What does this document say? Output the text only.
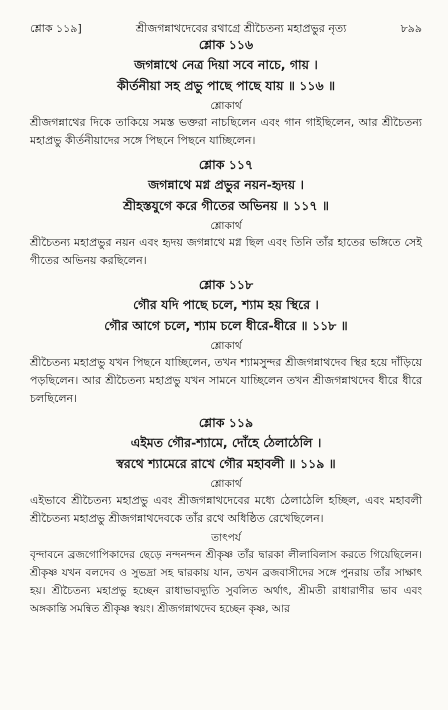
শ্লোক ১১৯]	শ্রীজগন্নাথদেবের রথাগ্রে শ্রীচৈতন্য মহাপ্রভুর নৃত্য	৮৯৯
শ্লোক ১১৬
জগন্নাথে নেত্র দিয়া সবে নাচে, গায় ।
কীর্তনীয়া সহ প্রভু পাছে পাছে যায় ॥ ১১৬ ॥
শ্লোকার্থ
শ্রীজগন্নাথের দিকে তাকিয়ে সমস্ত ভক্তরা নাচছিলেন এবং গান গাইছিলেন, আর শ্রীচৈতন্য মহাপ্রভু কীর্তনীয়াদের সঙ্গে পিছনে পিছনে যাচ্ছিলেন।
শ্লোক ১১৭
জগন্নাথে মগ্ন প্রভুর নয়ন-হৃদয় ।
শ্রীহস্তযুগে করে গীতের অভিনয় ॥ ১১৭ ॥
শ্লোকার্থ
শ্রীচৈতন্য মহাপ্রভুর নয়ন এবং হৃদয় জগন্নাথে মগ্ন ছিল এবং তিনি তাঁর হাতের ভঙ্গিতে সেই গীতের অভিনয় করছিলেন।
শ্লোক ১১৮
গৌর যদি পাছে চলে, শ্যাম হয় স্থিরে ।
গৌর আগে চলে, শ্যাম চলে ধীরে-ধীরে ॥ ১১৮ ॥
শ্লোকার্থ
শ্রীচৈতন্য মহাপ্রভু যখন পিছনে যাচ্ছিলেন, তখন শ্যামসুন্দর শ্রীজগন্নাথদেব স্থির হয়ে দাঁড়িয়ে পড়ছিলেন। আর শ্রীচৈতন্য মহাপ্রভু যখন সামনে যাচ্ছিলেন তখন শ্রীজগন্নাথদেব ধীরে ধীরে চলছিলেন।
শ্লোক ১১৯
এইমত গৌর-শ্যামে, দোঁহে ঠেলাঠেলি ।
স্বরথে শ্যামেরে রাখে গৌর মহাবলী ॥ ১১৯ ॥
শ্লোকার্থ
এইভাবে শ্রীচৈতন্য মহাপ্রভু এবং শ্রীজগন্নাথদেবের মধ্যে ঠেলাঠেলি হচ্ছিল, এবং মহাবলী শ্রীচৈতন্য মহাপ্রভু শ্রীজগন্নাথদেবকে তাঁর রথে অধিষ্ঠিত রেখেছিলেন।
তাৎপর্য
বৃন্দাবনে ব্রজগোপিকাদের ছেড়ে নন্দনন্দন শ্রীকৃষ্ণ তাঁর দ্বারকা লীলাবিলাস করতে গিয়েছিলেন। শ্রীকৃষ্ণ যখন বলদেব ও সুভদ্রা সহ দ্বারকায় যান, তখন ব্রজবাসীদের সঙ্গে পুনরায় তাঁর সাক্ষাৎ হয়। শ্রীচৈতন্য মহাপ্রভু হচ্ছেন রাধাভাবদ্যুতি সুবলিত অর্থাৎ, শ্রীমতী রাধারাণীর ভাব এবং অঙ্গকান্তি সমন্বিত শ্রীকৃষ্ণ স্বয়ং। শ্রীজগন্নাথদেব হচ্ছেন কৃষ্ণ, আর
